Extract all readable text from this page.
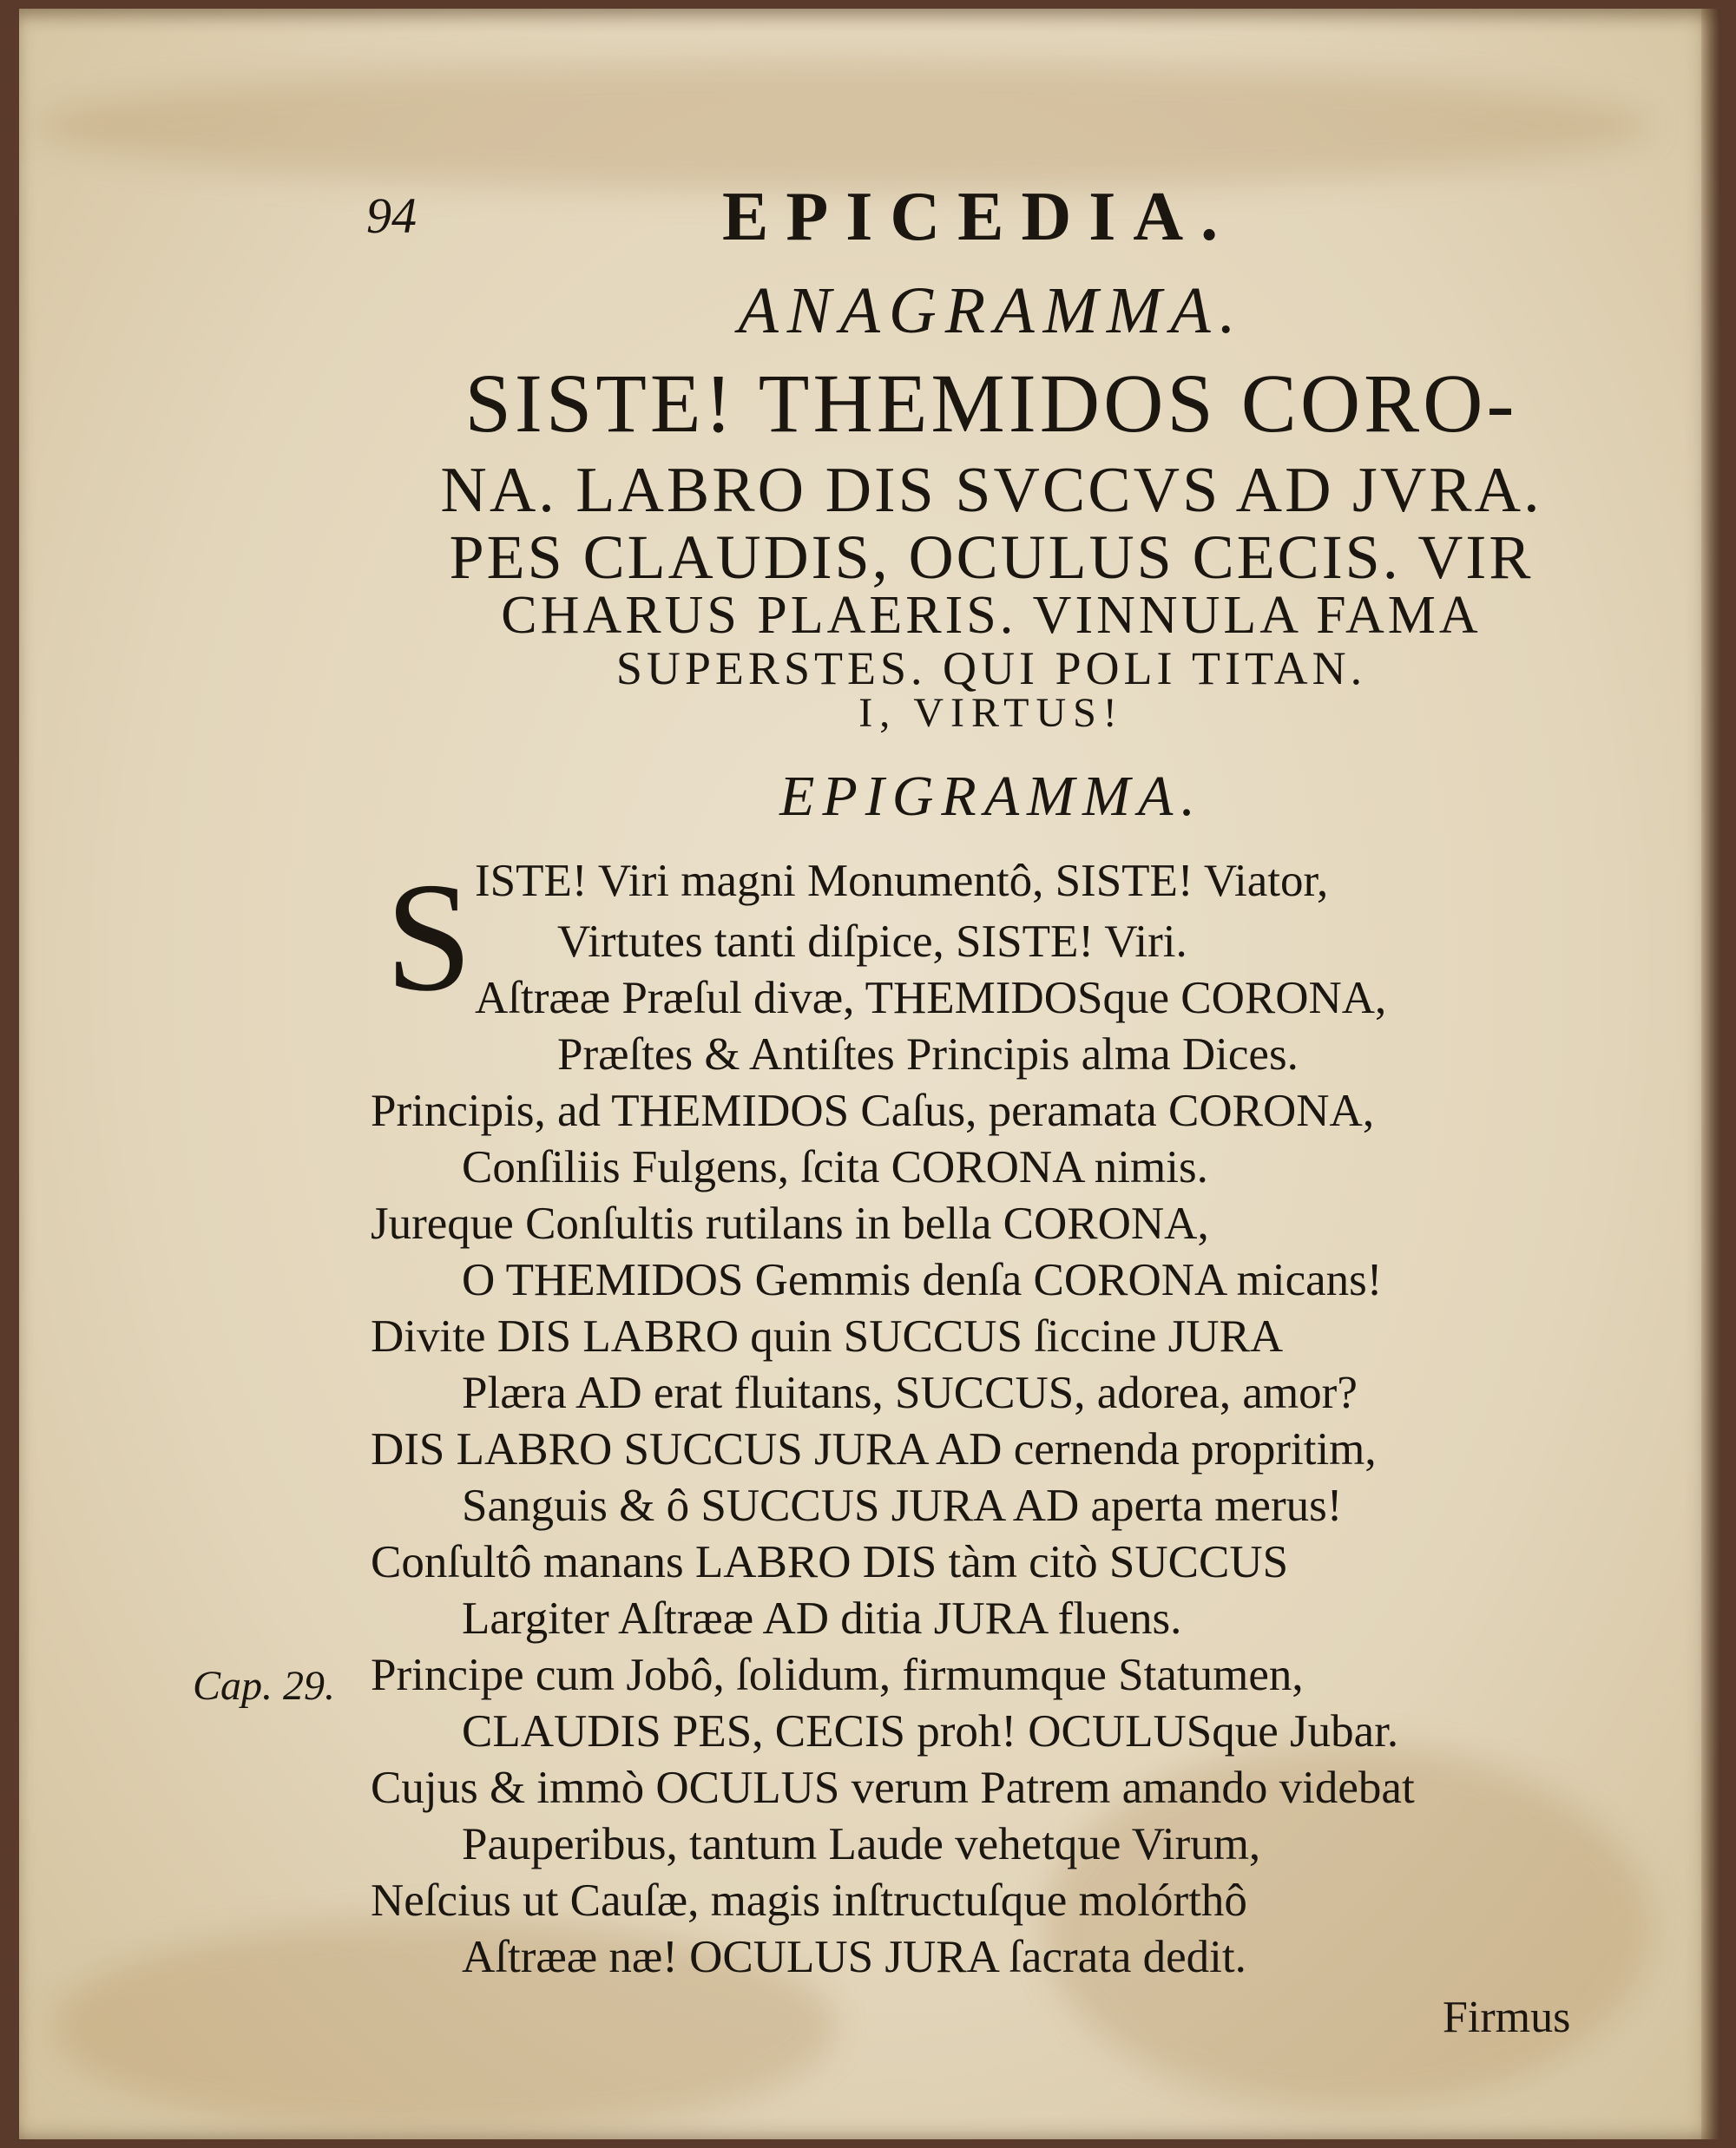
94	EPICEDIA.
ANAGRAMMA.
SISTE! THEMIDOS CORO-
NA. LABRO DIS SVCCVS AD JVRA.
PES CLAUDIS, OCULUS CECIS. VIR
CHARUS PLAERIS. VINNULA FAMA
SUPERSTES. QUI POLI TITAN.
I, VIRTUS!
EPIGRAMMA.
S ISTE! Viri magni Monumentô, SISTE! Viator,
Virtutes tanti diſpice, SISTE! Viri.
Aſtrææ Præſul divæ, THEMIDOSque CORONA,
Præſtes & Antiſtes Principis alma Dices.
Principis, ad THEMIDOS Caſus, peramata CORONA,
Conſiliis Fulgens, ſcita CORONA nimis.
Jureque Conſultis rutilans in bella CORONA,
O THEMIDOS Gemmis denſa CORONA micans!
Divite DIS LABRO quin SUCCUS ſiccine JURA
Plæra AD erat fluitans, SUCCUS, adorea, amor?
DIS LABRO SUCCUS JURA AD cernenda propritim,
Sanguis & ô SUCCUS JURA AD aperta merus!
Conſultô manans LABRO DIS tàm citò SUCCUS
Largiter Aſtrææ AD ditia JURA fluens.
Principe cum Jobô, ſolidum, firmumque Statumen,
CLAUDIS PES, CECIS proh! OCULUSque Jubar.
Cujus & immò OCULUS verum Patrem amando videbat
Pauperibus, tantum Laude vehetque Virum,
Neſcius ut Cauſæ, magis inſtructuſque molórthô
Aſtrææ næ! OCULUS JURA ſacrata dedit.
Cap. 29.
Firmus
